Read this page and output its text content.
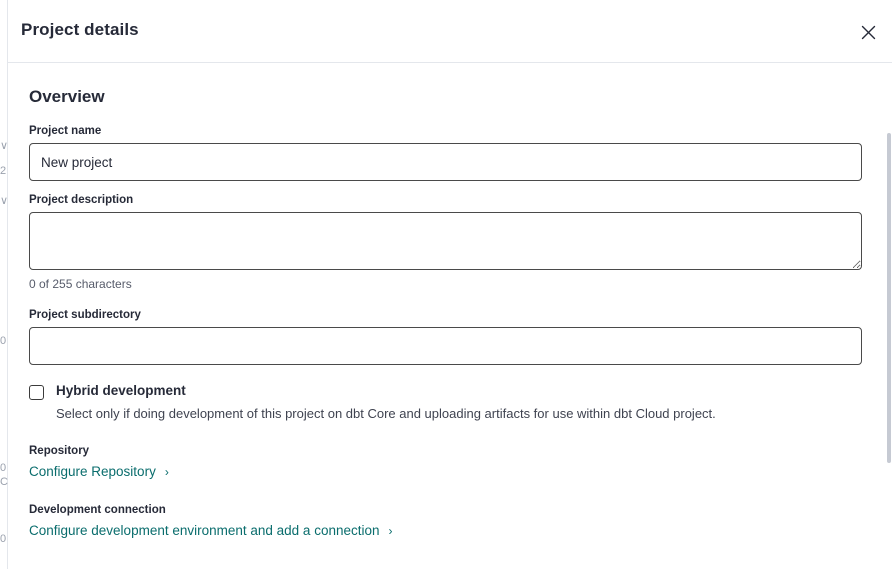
∨
2
∨
0
C
0
0
Project details
Overview
Project name
New project
Project description
0 of 255 characters
Project subdirectory
Hybrid development
Select only if doing development of this project on dbt Core and uploading artifacts for use within dbt Cloud project.
Repository
Configure Repository ›
Development connection
Configure development environment and add a connection ›
